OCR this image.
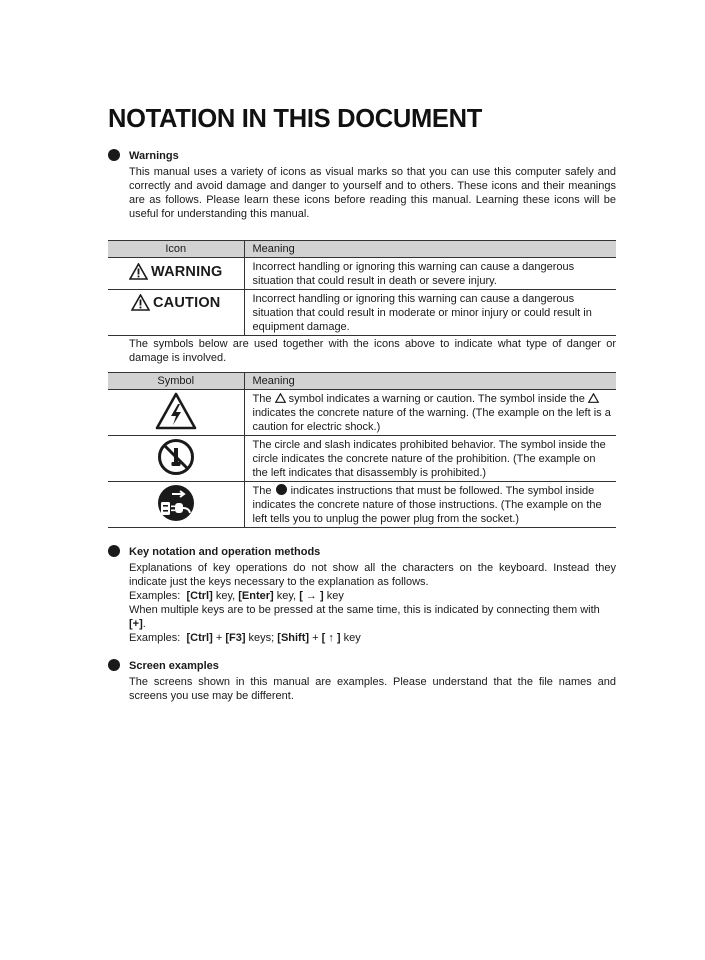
NOTATION IN THIS DOCUMENT
Warnings

This manual uses a variety of icons as visual marks so that you can use this computer safely and correctly and avoid damage and danger to yourself and to others. These icons and their meanings are as follows. Please learn these icons before reading this manual. Learning these icons will be useful for understanding this manual.

Icon	Meaning

WARNING	Incorrect handling or ignoring this warning can cause a dangerous situation that could result in death or severe injury.

CAUTION	Incorrect handling or ignoring this warning can cause a dangerous situation that could result in moderate or minor injury or could result in equipment damage.

The symbols below are used together with the icons above to indicate what type of danger or damage is involved.

Symbol	Meaning
	The  symbol indicates a warning or caution. The symbol inside the  indicates the concrete nature of the warning. (The example on the left is a caution for electric shock.)
	The circle and slash indicates prohibited behavior. The symbol inside the circle indicates the concrete nature of the prohibition. (The example on the left indicates that disassembly is prohibited.)
	The  indicates instructions that must be followed. The symbol inside indicates the concrete nature of those instructions. (The example on the left tells you to unplug the power plug from the socket.)
Key notation and operation methods

Explanations of key operations do not show all the characters on the keyboard. Instead they indicate just the keys necessary to the explanation as follows.

Examples: [Ctrl] key, [Enter] key, [ → ] key

When multiple keys are to be pressed at the same time, this is indicated by connecting them with [+].

Examples: [Ctrl] + [F3] keys; [Shift] + [ ↑ ] key

Screen examples

The screens shown in this manual are examples. Please understand that the file names and screens you use may be different.
